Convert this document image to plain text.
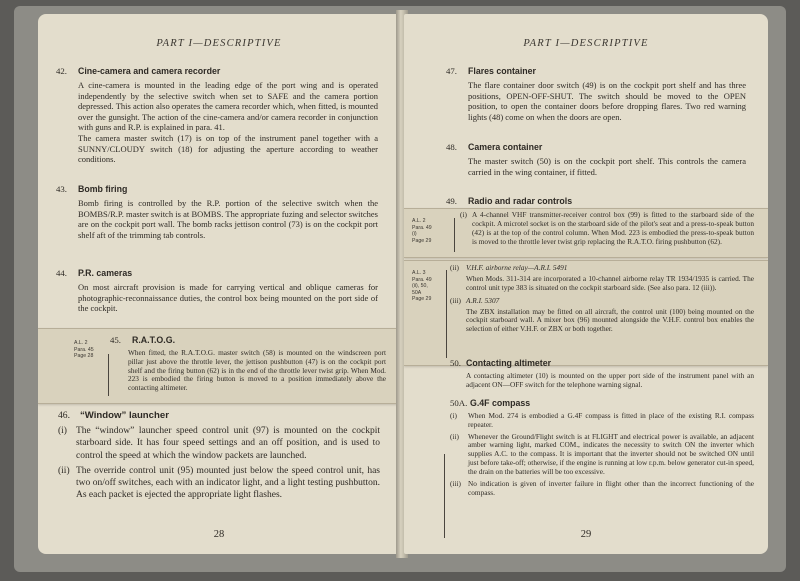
PART I—DESCRIPTIVE
42. Cine-camera and camera recorder

A cine-camera is mounted in the leading edge of the port wing and is operated independently by the selective switch when set to SAFE and the camera portion depressed. This action also operates the camera recorder which, when fitted, is mounted over the gunsight. The action of the cine-camera and/or camera recorder in conjunction with guns and R.P. is explained in para. 41.

The camera master switch (17) is on top of the instrument panel together with a SUNNY/CLOUDY switch (18) for adjusting the aperture according to weather conditions.

43. Bomb firing

Bomb firing is controlled by the R.P. portion of the selective switch when the BOMBS/R.P. master switch is at BOMBS. The appropriate fuzing and selector switches are on the cockpit port wall. The bomb racks jettison control (73) is on the cockpit port shelf aft of the trimming tab controls.

44. P.R. cameras

On most aircraft provision is made for carrying vertical and oblique cameras for photographic-reconnaissance duties, the control box being mounted on the port side of the cockpit.

A.L. 2
Para. 45
Page 28
45. R.A.T.O.G.

When fitted, the R.A.T.O.G. master switch (58) is mounted on the windscreen port pillar just above the throttle lever, the jettison pushbutton (47) is on the cockpit port shelf and the firing button (62) is in the end of the throttle lever twist grip. When Mod. 223 is embodied the firing button is moved to a position immediately above the contacting altimeter.

46. “Window” launcher
(i) The “window” launcher speed control unit (97) is mounted on the cockpit starboard side. It has four speed settings and an off position, and is used to control the speed at which the window packets are launched.
(ii) The override control unit (95) mounted just below the speed control unit, has two on/off switches, each with an indicator light, and a light testing pushbutton. As each packet is ejected the appropriate light flashes.
28
PART I—DESCRIPTIVE
47. Flares container

The flare container door switch (49) is on the cockpit port shelf and has three positions, OPEN-OFF-SHUT. The switch should be moved to the OPEN position, to open the container doors before dropping flares. Two red warning lights (48) come on when the doors are open.

48. Camera container

The master switch (50) is on the cockpit port shelf. This controls the camera carried in the wing container, if fitted.

49. Radio and radar controls
A.L. 2
Para. 49
(i)
Page 29
(i) A 4-channel VHF transmitter-receiver control box (99) is fitted to the starboard side of the cockpit. A microtel socket is on the starboard side of the pilot's seat and a press-to-speak button (42) is at the top of the control column. When Mod. 223 is embodied the press-to-speak button is moved to the throttle lever twist grip replacing the R.A.T.O. firing pushbutton (62).
A.L. 3
Para. 49
(ii), 50,
50A
Page 29
(ii) V.H.F. airborne relay—A.R.I. 5491

When Mods. 311-314 are incorporated a 10-channel airborne relay TR 1934/1935 is carried. The control unit type 383 is situated on the cockpit starboard side. (See also para. 12 (iii)).

(iii) A.R.I. 5307

The ZBX installation may be fitted on all aircraft, the control unit (100) being mounted on the cockpit starboard wall. A mixer box (96) mounted alongside the V.H.F. control box enables the selection of either V.H.F. or ZBX or both together.

50. Contacting altimeter

A contacting altimeter (10) is mounted on the upper port side of the instrument panel with an adjacent ON—OFF switch for the telephone warning signal.

50A. G.4F compass
(i)	When Mod. 274 is embodied a G.4F compass is fitted in place of the existing R.I. compass repeater.
(ii)	Whenever the Ground/Flight switch is at FLIGHT and electrical power is available, an adjacent amber warning light, marked COM., indicates the necessity to switch ON the inverter which supplies A.C. to the compass. It is important that the inverter should not be switched ON until just before take-off; otherwise, if the engine is running at low r.p.m. below generator cut-in speed, the drain on the batteries will be too excessive.
(iii) No indication is given of inverter failure in flight other than the incorrect functioning of the compass.
29
